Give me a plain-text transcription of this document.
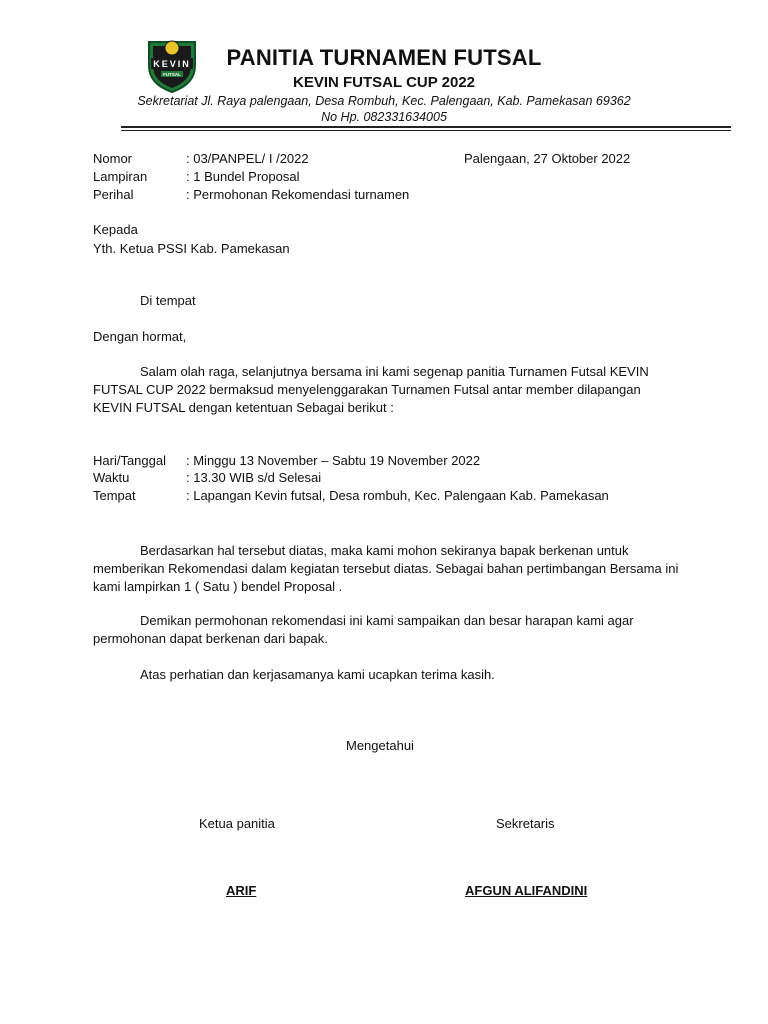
KEVIN
FUTSAL
PANITIA TURNAMEN FUTSAL
KEVIN FUTSAL CUP 2022
Sekretariat Jl. Raya palengaan, Desa Rombuh, Kec. Palengaan, Kab. Pamekasan 69362
No Hp. 082331634005
Nomor	: 03/PANPEL/ I /2022	Palengaan, 27 Oktober 2022
Lampiran	: 1 Bundel Proposal
Perihal	: Permohonan Rekomendasi turnamen
Kepada
Yth. Ketua PSSI Kab. Pamekasan
Di tempat
Dengan hormat,
Salam olah raga, selanjutnya bersama ini kami segenap panitia Turnamen Futsal KEVIN FUTSAL CUP 2022 bermaksud menyelenggarakan Turnamen Futsal antar member dilapangan KEVIN FUTSAL dengan ketentuan Sebagai berikut :
Hari/Tanggal : Minggu 13 November – Sabtu 19 November 2022
Waktu	: 13.30 WIB s/d Selesai
Tempat	: Lapangan Kevin futsal, Desa rombuh, Kec. Palengaan Kab. Pamekasan
Berdasarkan hal tersebut diatas, maka kami mohon sekiranya bapak berkenan untuk memberikan Rekomendasi dalam kegiatan tersebut diatas. Sebagai bahan pertimbangan Bersama ini kami lampirkan 1 ( Satu ) bendel Proposal .
Demikan permohonan rekomendasi ini kami sampaikan dan besar harapan kami agar permohonan dapat berkenan dari bapak.
Atas perhatian dan kerjasamanya kami ucapkan terima kasih.
Mengetahui
Ketua panitia	Sekretaris
ARIF	AFGUN ALIFANDINI
